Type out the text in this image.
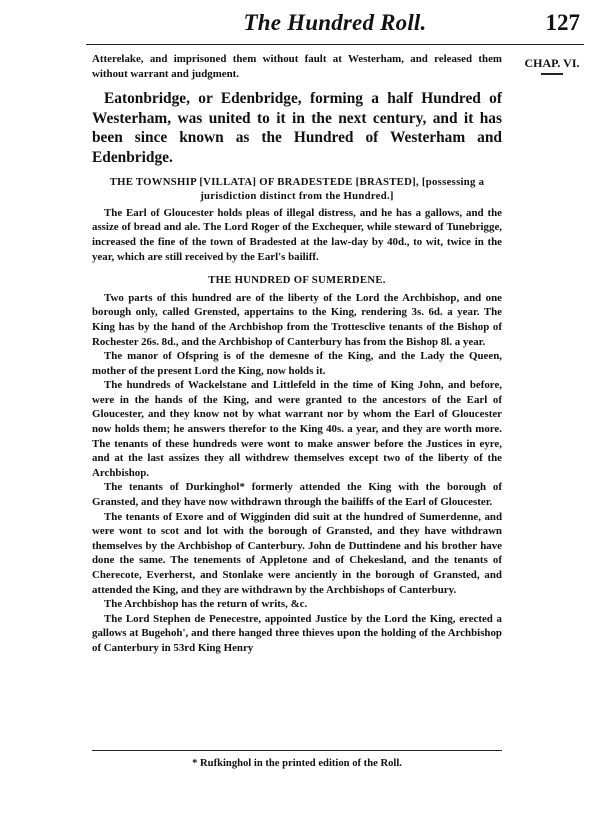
The Hundred Roll.	127
CHAP. VI.

Atterelake, and imprisoned them without fault at Westerham, and released them without warrant and judgment.

Eatonbridge, or Edenbridge, forming a half Hundred of Westerham, was united to it in the next century, and it has been since known as the Hundred of Westerham and Edenbridge.

THE TOWNSHIP [VILLATA] OF BRADESTEDE [BRASTED], [possessing a jurisdiction distinct from the Hundred.]

The Earl of Gloucester holds pleas of illegal distress, and he has a gallows, and the assize of bread and ale. The Lord Roger of the Exchequer, while steward of Tunebrigge, increased the fine of the town of Bradested at the law-day by 40d., to wit, twice in the year, which are still received by the Earl's bailiff.

THE HUNDRED OF SUMERDENE.

Two parts of this hundred are of the liberty of the Lord the Archbishop, and one borough only, called Grensted, appertains to the King, rendering 3s. 6d. a year. The King has by the hand of the Archbishop from the Trottesclive tenants of the Bishop of Rochester 26s. 8d., and the Archbishop of Canterbury has from the Bishop 8l. a year.

The manor of Ofspring is of the demesne of the King, and the Lady the Queen, mother of the present Lord the King, now holds it.

The hundreds of Wackelstane and Littlefeld in the time of King John, and before, were in the hands of the King, and were granted to the ancestors of the Earl of Gloucester, and they know not by what warrant nor by whom the Earl of Gloucester now holds them; he answers therefor to the King 40s. a year, and they are worth more. The tenants of these hundreds were wont to make answer before the Justices in eyre, and at the last assizes they all withdrew themselves except two of the liberty of the Archbishop.

The tenants of Durkinghol* formerly attended the King with the borough of Gransted, and they have now withdrawn through the bailiffs of the Earl of Gloucester.

The tenants of Exore and of Wigginden did suit at the hundred of Sumerdenne, and were wont to scot and lot with the borough of Gransted, and they have withdrawn themselves by the Archbishop of Canterbury. John de Duttindene and his brother have done the same. The tenements of Appletone and of Chekesland, and the tenants of Cherecote, Everherst, and Stonlake were anciently in the borough of Gransted, and attended the King, and they are withdrawn by the Archbishops of Canterbury.

The Archbishop has the return of writs, &c.

The Lord Stephen de Penecestre, appointed Justice by the Lord the King, erected a gallows at Bugehoh', and there hanged three thieves upon the holding of the Archbishop of Canterbury in 53rd King Henry

* Rufkinghol in the printed edition of the Roll.
